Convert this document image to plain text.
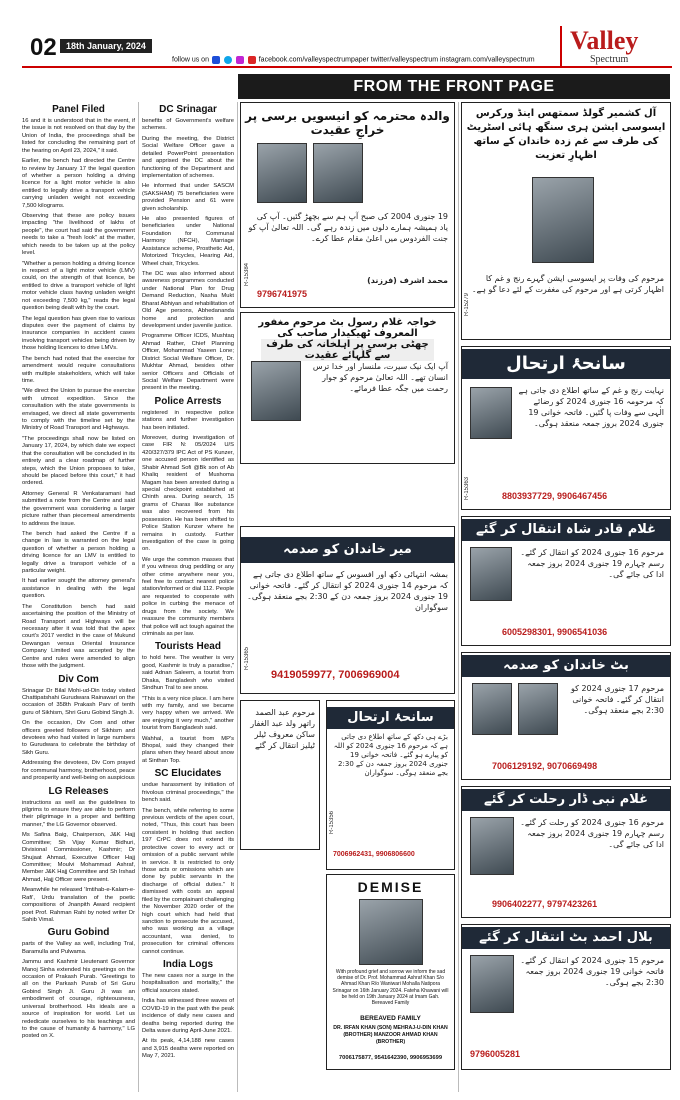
02	18th January, 2024
follow us on	facebook.com/valleyspectrumpaper twitter/valleyspectrum instagram.com/valleyspectrum
Valley
Spectrum
FROM THE FRONT PAGE
Panel Filed

16 and it is understood that in the event, if the issue is not resolved on that day by the Union of India, the proceedings shall be listed for concluding the remaining part of the hearing on April 23, 2024," it said.

Earlier, the bench had directed the Centre to review by January 17 the legal question of whether a person holding a driving licence for a light motor vehicle is also entitled to legally drive a transport vehicle carrying unladen weight not exceeding 7,500 kilograms.

Observing that these are policy issues impacting "the livelihood of lakhs of people", the court had said the government needs to take a "fresh look" at the matter, which needs to be taken up at the policy level.

"Whether a person holding a driving licence in respect of a light motor vehicle (LMV) could, on the strength of that licence, be entitled to drive a transport vehicle of light motor vehicle class having unladen weight not exceeding 7,500 kg," reads the legal question being dealt with by the court.

The legal question has given rise to various disputes over the payment of claims by insurance companies in accident cases involving transport vehicles being driven by those holding licences to drive LMVs.

The bench had noted that the exercise for amendment would require consultations with multiple stakeholders, which will take time.

"We direct the Union to pursue the exercise with utmost expedition. Since the consultation with the state governments is envisaged, we direct all state governments to comply with the timeline set by the Ministry of Road Transport and Highways.

"The proceedings shall now be listed on January 17, 2024, by which date we expect that the consultation will be concluded in its entirety and a clear roadmap of further steps, which the Union proposes to take, should be placed before this court," it had ordered.

Attorney General R Venkataramani had submitted a note from the Centre and said the government was considering a larger picture rather than piecemeal amendments to address the issue.

The bench had asked the Centre if a change in law is warranted on the legal question of whether a person holding a driving licence for an LMV is entitled to legally drive a transport vehicle of a particular weight.

It had earlier sought the attorney general's assistance in dealing with the legal question.

The Constitution bench had said ascertaining the position of the Ministry of Road Transport and Highways will be necessary after it was told that the apex court's 2017 verdict in the case of Mukund Dewangan versus Oriental Insurance Company Limited was accepted by the Centre and rules were amended to align those with the judgment.

Div Com

Srinagar Dr Bilal Mohi-ud-Din today visited Chattipatshahi Gurudwara Rainawari on the occasion of 358th Prakash Parv of tenth guru of Sikhism, Shri Guru Gobind Singh Ji.

On the occasion, Div Com and other officers greeted followers of Sikhism and devotees who had visited in large numbers to Gurudwara to celebrate the birthday of Sikh Guru.

Addressing the devotees, Div Com prayed for communal harmony, brotherhood, peace and prosperity and well-being on auspicious

LG Releases

instructions as well as the guidelines to pilgrims to ensure they are able to perform their pilgrimage in a proper and befitting manner," the LG Governor observed.

Ms Safina Baig, Chairperson, J&K Hajj Committee; Sh Vijay Kumar Bidhuri, Divisional Commissioner, Kashmir; Dr Shujaat Ahmad, Executive Officer Hajj Committee; Moulvi Mohammad Ashraf, Member J&K Hajj Committee and Sh Irshad Ahmad, Hajj Officer were present.

Meanwhile he released 'Imtihab-e-Kalam-e-Rafi', Urdu translation of the poetic compositions of Jnanpith Award recipient poet Prof. Rahman Rahi by noted writer Dr Sahib Vimal.

Guru Gobind

parts of the Valley as well, including Tral, Baramulla and Pulwama.

Jammu and Kashmir Lieutenant Governor Manoj Sinha extended his greetings on the occasion of Prakash Purab. "Greetings to all on the Parkash Purab of Sri Guru Gobind Singh Ji. Guru Ji was an embodiment of courage, righteousness, universal brotherhood. His ideals are a source of inspiration for world. Let us rededicate ourselves to his teachings and to the cause of humanity & harmony," LG posted on X.

DC Srinagar

benefits of Government's welfare schemes.

During the meeting, the District Social Welfare Officer gave a detailed PowerPoint presentation and apprised the DC about the functioning of the Department and implementation of schemes.

He informed that under SASCM (SAKSHAM) 75 beneficiaries were provided Pension and 61 were given scholarship.

He also presented figures of beneficiaries under National Foundation for Communal Harmony (NFCH), Marriage Assistance scheme, Prosthetic Aid, Motorized Tricycles, Hearing Aid, Wheel chair, Tricycles.

The DC was also informed about awareness programmes conducted under National Plan for Drug Demand Reduction, Nasha Mukt Bharat Abhiyan and rehabilitation of Old Age persons, Abhedananda home and protection and development under juvenile justice.

Programme Officer ICDS, Mushtaq Ahmad Rather, Chief Planning Officer, Mohammad Yaseen Lone; District Social Welfare Officer, Dr. Mukhtar Ahmad, besides other senior Officers and Officials of Social Welfare Department were present in the meeting.

Police Arrests

registered in respective police stations and further investigation has been initiated.

Moreover, during investigation of case FIR N: 05/2024 U/S 420/327/379 IPC Act of PS Kunzer, one accused person identified as Shabir Ahmad Sofi @Bk son of Ab Khaliq resident of Mushoma Magam has been arrested during a special checkpoint established at Chinth area. During search, 15 grams of Charas like substance was also recovered from his possession. He has been shifted to Police Station Kunzer where he remains in custody. Further investigation of the case is going on.

We urge the common masses that if you witness drug peddling or any other crime anywhere near you, feel free to contact nearest police station/informed or dial 112. People are requested to cooperate with police in curbing the menace of drugs from the society. We reassure the community members that police will act tough against the criminals as per law.

Tourists Head

to hold here. The weather is very good, Kashmir is truly a paradise," said Adnan Saleem, a tourist from Dhaka, Bangladesh who visited Sindhun Tral to see snow.

"This is a very nice place. I am here with my family, and we became very happy when we arrived. We are enjoying it very much," another tourist from Bangladesh said.

Wahhal, a tourist from MP's Bhopal, said they changed their plans when they heard about snow at Sinthan Top.

SC Elucidates

undue harassment by initiation of frivolous criminal proceedings," the bench said.

The bench, while referring to some previous verdicts of the apex court, noted, "Thus, this court has been consistent in holding that section 197 CrPC does not extend its protective cover to every act or omission of a public servant while in service. It is restricted to only those acts or omissions which are done by public servants in the discharge of official duties." It dismissed with costs an appeal filed by the complainant challenging the November 2020 order of the high court which had held that sanction to prosecute the accused, who was working as a village accountant, was denied, to prosecution for criminal offences cannot continue.

India Logs

The new cases nor a surge in the hospitalisation and mortality," the official sources stated.

India has witnessed three waves of COVID-19 in the past with the peak incidence of daily new cases and deaths being reported during the Delta wave during April-June 2021.

At its peak, 4,14,188 new cases and 3,915 deaths were reported on May 7, 2021.

والدہ محترمہ کو انیسویں برسی پر خراجِ عقیدت
19 جنوری 2004 کی صبح آپ ہم سے بچھڑ گئیں۔ آپ کی یاد ہمیشہ ہمارے دلوں میں زندہ رہے گی۔ اللہ تعالیٰ آپ کو جنت الفردوس میں اعلیٰ مقام عطا کرے۔
محمد اشرف (فرزند)
9796741975
R-15384
خواجہ غلام رسول بٹ مرحوم مغفور المعروف ٹھیکیدار صاحب کی
چھٹی برسی پر اہلخانہ کی طرف سے گلہائے عقیدت
آپ ایک نیک سیرت، ملنسار اور خدا ترس انسان تھے۔ اللہ تعالیٰ مرحوم کو جوار رحمت میں جگہ عطا فرمائے۔
میر خاندان کو صدمہ
بمشہ انتہائی دکھ اور افسوس کے ساتھ اطلاع دی جاتی ہے کہ مرحوم 14 جنوری 2024 کو انتقال کر گئے۔ فاتحہ خوانی 19 جنوری 2024 بروز جمعہ دن کے 2:30 بجے منعقد ہوگی۔ سوگواران
9419059977, 7006969004
R-15365
مرحوم عبد الصمد راتھر ولد عبد الغفار ساکن معروف ٹیلر ٹیلیز انتقال کر گئے
سانحۂ ارتحال
بڑے ہی دکھ کے ساتھ اطلاع دی جاتی ہے کہ مرحوم 16 جنوری 2024 کو اللہ کو پیارے ہو گئے۔ فاتحہ خوانی 19 جنوری 2024 بروز جمعہ دن کے 2:30 بجے منعقد ہوگی۔ سوگواران
7006962431, 9906806600
R-15356
DEMISE
With profound grief and sorrow we inform the sad demise of Dr. Prof. Mohammad Ashraf Khan S/o Ahmad Khan R/o Waniwari Mohalla Natipora Srinagar on 16th January 2024. Fateha Khawani will be held on 19th January 2024 at Imam Gah. Bereaved Family
BEREAVED FAMILY
DR. IRFAN KHAN (SON) MEHRAJ-U-DIN KHAN (BROTHER) MANZOOR AHMAD KHAN (BROTHER)
7006175877, 9541642390, 9906953699
آل کشمیر گولڈ سمتھس اینڈ ورکرس ایسوسی ایشن ہری سنگھ ہائی اسٹریٹ کی طرف سے غم زدہ خاندان کے ساتھ اظہارِ تعزیت
مرحوم کی وفات پر ایسوسی ایشن گہرے رنج و غم کا اظہار کرتی ہے اور مرحوم کی مغفرت کے لئے دعا گو ہے۔
R-15279
سانحۂ ارتحال
نہایت رنج و غم کے ساتھ اطلاع دی جاتی ہے کہ مرحومہ 16 جنوری 2024 کو رضائے الٰہی سے وفات پا گئیں۔ فاتحہ خوانی 19 جنوری 2024 بروز جمعہ منعقد ہوگی۔
8803937729, 9906467456
R-15363
غلام قادر شاہ انتقال کر گئے
مرحوم 16 جنوری 2024 کو انتقال کر گئے۔ رسم چہارم 19 جنوری 2024 بروز جمعہ ادا کی جائے گی۔
6005298301, 9906541036
بٹ خاندان کو صدمہ
مرحوم 17 جنوری 2024 کو انتقال کر گئے۔ فاتحہ خوانی 2:30 بجے منعقد ہوگی۔
7006129192, 9070669498
غلام نبی ڈار رحلت کر گئے
مرحوم 16 جنوری 2024 کو رحلت کر گئے۔ رسم چہارم 19 جنوری 2024 بروز جمعہ ادا کی جائے گی۔
9906402277, 9797423261
بلال احمد بٹ انتقال کر گئے
مرحوم 15 جنوری 2024 کو انتقال کر گئے۔ فاتحہ خوانی 19 جنوری 2024 بروز جمعہ 2:30 بجے ہوگی۔
9796005281
